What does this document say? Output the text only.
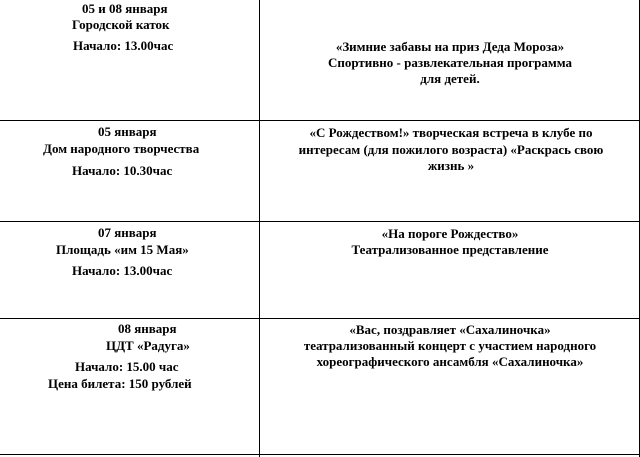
05 и 08 января
Городской каток
Начало: 13.00час	«Зимние забавы на приз Деда Мороза»
Спортивно - развлекательная программа
для детей.
05 января
Дом народного творчества
Начало: 10.30час
«С Рождеством!» творческая встреча в клубе по
интересам (для пожилого возраста) «Раскрась свою
жизнь »
07 января
Площадь «им 15 Мая»
Начало: 13.00час
«На пороге Рождество»
Театрализованное представление
08 января
ЦДТ «Радуга»
Начало: 15.00 час
Цена билета: 150 рублей
«Вас, поздравляет «Сахалиночка»
театрализованный концерт с участием народного
хореографического ансамбля «Сахалиночка»
